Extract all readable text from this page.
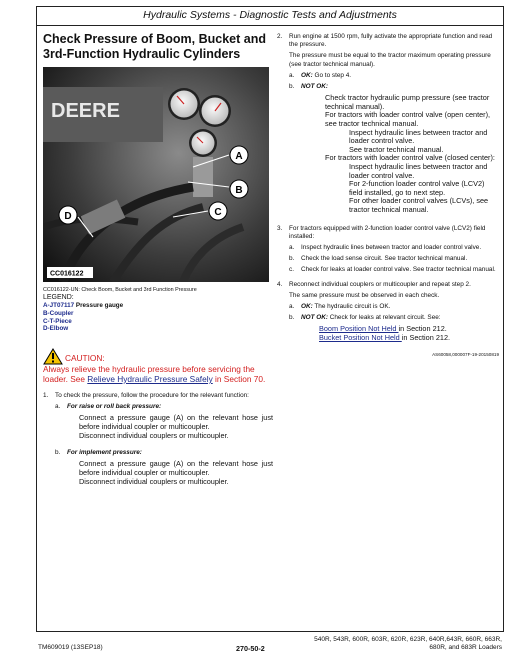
Hydraulic Systems - Diagnostic Tests and Adjustments
Check Pressure of Boom, Bucket and 3rd-Function Hydraulic Cylinders
DEERE
A
B
C
D
CC016122
CC016122-UN: Check Boom, Bucket and 3rd Function Pressure
LEGEND:
A-JT07117 Pressure gauge
B-Coupler
C-T-Piece
D-Elbow
CAUTION:
Always relieve the hydraulic pressure before servicing the loader. See Relieve Hydraulic Pressure Safely in Section 70.
1. To check the pressure, follow the procedure for the relevant function:
a. For raise or roll back pressure:
Connect a pressure gauge (A) on the relevant hose just before individual coupler or multicoupler.
Disconnect individual couplers or multicoupler.
b. For implement pressure:
Connect a pressure gauge (A) on the relevant hose just before individual coupler or multicoupler.
Disconnect individual couplers or multicoupler.
2. Run engine at 1500 rpm, fully activate the appropriate function and read the pressure.
The pressure must be equal to the tractor maximum operating pressure (see tractor technical manual).
a. OK: Go to step 4.
b. NOT OK:
Check tractor hydraulic pump pressure (see tractor technical manual).
For tractors with loader control valve (open center), see tractor technical manual.
Inspect hydraulic lines between tractor and loader control valve.
See tractor technical manual.
For tractors with loader control valve (closed center):
Inspect hydraulic lines between tractor and loader control valve.
For 2-function loader control valve (LCV2) field installed, go to next step.
For other loader control valves (LCVs), see tractor technical manual.
3. For tractors equipped with 2-function loader control valve (LCV2) field installed:
a. Inspect hydraulic lines between tractor and loader control valve.
b. Check the load sense circuit. See tractor technical manual.
c. Check for leaks at loader control valve. See tractor technical manual.
4. Reconnect individual couplers or multicoupler and repeat step 2.
The same pressure must be observed in each check.
a. OK: The hydraulic circuit is OK.
b. NOT OK: Check for leaks at relevant circuit. See:
Boom Position Not Held in Section 212.
Bucket Position Not Held in Section 212.
AS60058,000007F-19-20150819
TM609019 (13SEP18)	270-50-2
540R, 543R, 600R, 603R, 620R, 623R, 640R,643R, 660R, 663R, 680R, and 683R Loaders
